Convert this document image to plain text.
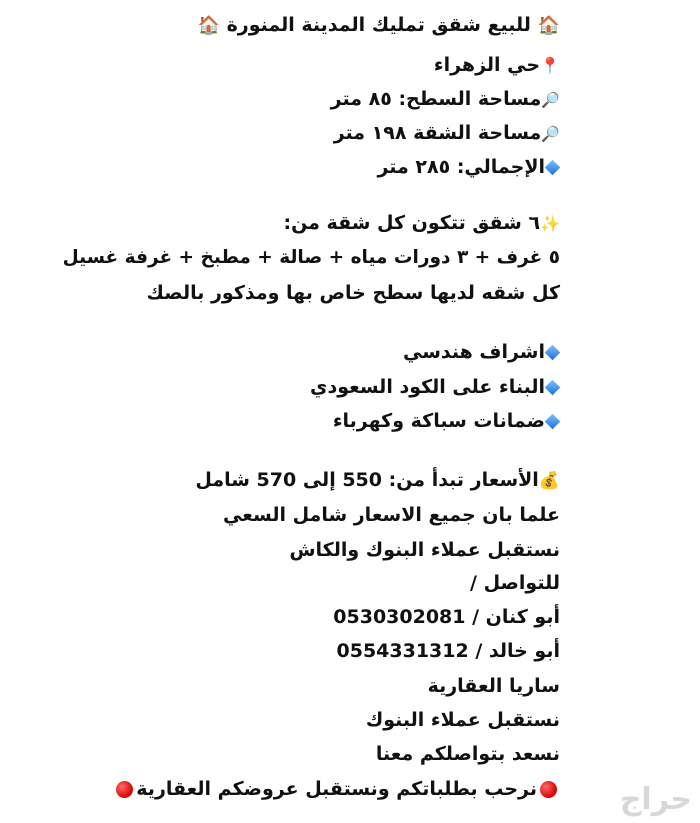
🏠 للبيع شقق تمليك المدينة المنورة 🏠
📍حي الزهراء
🔎مساحة السطح: ٨٥ متر
🔎مساحة الشقة ١٩٨ متر
الإجمالي: ٢٨٥ متر
✨٦ شقق تتكون كل شقة من:
٥ غرف + ٣ دورات مياه + صالة + مطبخ + غرفة غسيل
كل شقه لديها سطح خاص بها ومذكور بالصك
اشراف هندسي
البناء على الكود السعودي
ضمانات سباكة وكهرباء
💰الأسعار تبدأ من: 550 إلى 570 شامل
علما بان جميع الاسعار شامل السعي
نستقبل عملاء البنوك والكاش
للتواصل /
أبو كنان / 0530302081
أبو خالد / 0554331312
ساريا العقارية
نستقبل عملاء البنوك
نسعد بتواصلكم معنا
نرحب بطلباتكم ونستقبل عروضكم العقارية	حراج
